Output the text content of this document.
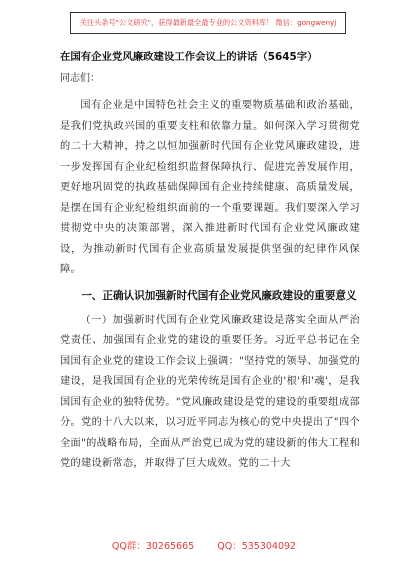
关注头条号"公文研究"，获得最新最全最专业的公文资料库！ 微信：gongwenyj
在国有企业党风廉政建设工作会议上的讲话（5645字）
同志们：

国有企业是中国特色社会主义的重要物质基础和政治基础，是我们党执政兴国的重要支柱和依靠力量。如何深入学习贯彻党的二十大精神，持之以恒加强新时代国有企业党风廉政建设，进一步发挥国有企业纪检组织监督保障执行、促进完善发展作用，更好地巩固党的执政基础保障国有企业持续健康、高质量发展，是摆在国有企业纪检组织面前的一个重要课题。我们要深入学习贯彻党中央的决策部署，深入推进新时代国有企业党风廉政建设，为推动新时代国有企业高质量发展提供坚强的纪律作风保障。

一、正确认识加强新时代国有企业党风廉政建设的重要意义

（一）加强新时代国有企业党风廉政建设是落实全面从严治党责任、加强国有企业党的建设的重要任务。习近平总书记在全国国有企业党的建设工作会议上强调："坚持党的领导、加强党的建设，是我国国有企业的光荣传统是国有企业的'根'和'魂'，是我国国有企业的独特优势。"党风廉政建设是党的建设的重要组成部分。党的十八大以来，以习近平同志为核心的党中央提出了"四个全面"的战略布局，全面从严治党已成为党的建设新的伟大工程和党的建设新常态，并取得了巨大成效。党的二十大

QQ群：30265665 QQ：535304092
